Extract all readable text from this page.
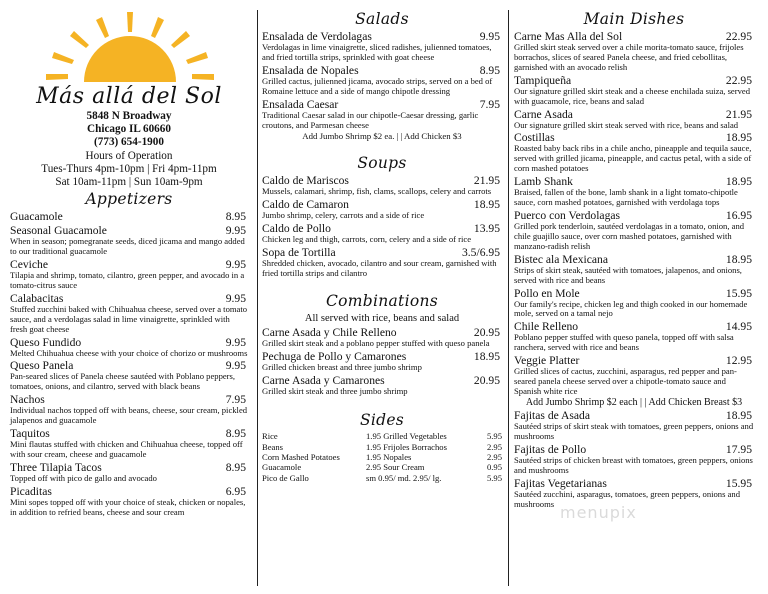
Más allá del Sol
5848 N Broadway
Chicago IL 60660
(773) 654-1900
Hours of Operation
Tues-Thurs 4pm-10pm | Fri 4pm-11pm
Sat 10am-11pm | Sun 10am-9pm
Appetizers
Guacamole	8.95
Seasonal Guacamole	9.95
When in season; pomegranate seeds, diced jicama and mango added to our traditional guacamole
Ceviche	9.95
Tilapia and shrimp, tomato, cilantro, green pepper, and avocado in a tomato-citrus sauce
Calabacitas	9.95
Stuffed zucchini baked with Chihuahua cheese, served over a tomato sauce, and a verdolagas salad in lime vinaigrette, sprinkled with fresh goat cheese
Queso Fundido	9.95
Melted Chihuahua cheese with your choice of chorizo or mushrooms
Queso Panela	9.95
Pan-seared slices of Panela cheese sautéed with Poblano peppers, tomatoes, onions, and cilantro, served with black beans
Nachos	7.95
Individual nachos topped off with beans, cheese, sour cream, pickled jalapenos and guacamole
Taquitos	8.95
Mini flautas stuffed with chicken and Chihuahua cheese, topped off with sour cream, cheese and guacamole
Three Tilapia Tacos	8.95
Topped off with pico de gallo and avocado
Picaditas	6.95
Mini sopes topped off with your choice of steak, chicken or nopales, in addition to refried beans, cheese and sour cream
Salads
Ensalada de Verdolagas	9.95
Verdolagas in lime vinaigrette, sliced radishes, julienned tomatoes, and fried tortilla strips, sprinkled with goat cheese
Ensalada de Nopales	8.95
Grilled cactus, julienned jicama, avocado strips, served on a bed of Romaine lettuce and a side of mango chipotle dressing
Ensalada Caesar	7.95
Traditional Caesar salad in our chipotle-Caesar dressing, garlic croutons, and Parmesan cheese
Add Jumbo Shrimp $2 ea. | | Add Chicken $3
Soups
Caldo de Mariscos	21.95
Mussels, calamari, shrimp, fish, clams, scallops, celery and carrots
Caldo de Camaron	18.95
Jumbo shrimp, celery, carrots and a side of rice
Caldo de Pollo	13.95
Chicken leg and thigh, carrots, corn, celery and a side of rice
Sopa de Tortilla	3.5/6.95
Shredded chicken, avocado, cilantro and sour cream, garnished with fried tortilla strips and cilantro
Combinations
All served with rice, beans and salad
Carne Asada y Chile Relleno	20.95
Grilled skirt steak and a poblano pepper stuffed with queso panela
Pechuga de Pollo y Camarones	18.95
Grilled chicken breast and three jumbo shrimp
Carne Asada y Camarones	20.95
Grilled skirt steak and three jumbo shrimp
Sides
Rice	1.95 Grilled Vegetables	5.95
Beans	1.95 Frijoles Borrachos	2.95
Corn Mashed Potatoes	1.95 Nopales	2.95
Guacamole	2.95 Sour Cream	0.95
Pico de Gallo	sm 0.95/ md. 2.95/ lg.	5.95
Main Dishes
Carne Mas Alla del Sol	22.95
Grilled skirt steak served over a chile morita-tomato sauce, frijoles borrachos, slices of seared Panela cheese, and fried cebollitas, garnished with an avocado relish
Tampiqueña	22.95
Our signature grilled skirt steak and a cheese enchilada suiza, served with guacamole, rice, beans and salad
Carne Asada	21.95
Our signature grilled skirt steak served with rice, beans and salad
Costillas	18.95
Roasted baby back ribs in a chile ancho, pineapple and tequila sauce, served with grilled jicama, pineapple, and cactus petal, with a side of corn mashed potatoes
Lamb Shank	18.95
Braised, fallen of the bone, lamb shank in a light tomato-chipotle sauce, corn mashed potatoes, garnished with verdolaga tops
Puerco con Verdolagas	16.95
Grilled pork tenderloin, sautéed verdolagas in a tomato, onion, and chile guajillo sauce, over corn mashed potatoes, garnished with manzano-radish relish
Bistec ala Mexicana	18.95
Strips of skirt steak, sautéed with tomatoes, jalapenos, and onions, served with rice and beans
Pollo en Mole	15.95
Our family's recipe, chicken leg and thigh cooked in our homemade mole, served on a tamal nejo
Chile Relleno	14.95
Poblano pepper stuffed with queso panela, topped off with salsa ranchera, served with rice and beans
Veggie Platter	12.95
Grilled slices of cactus, zucchini, asparagus, red pepper and pan-seared panela cheese served over a chipotle-tomato sauce and Spanish white rice
Add Jumbo Shrimp $2 each | | Add Chicken Breast $3
Fajitas de Asada	18.95
Sautéed strips of skirt steak with tomatoes, green peppers, onions and mushrooms
Fajitas de Pollo	17.95
Sautéed strips of chicken breast with tomatoes, green peppers, onions and mushrooms
Fajitas Vegetarianas	15.95
Sautéed zucchini, asparagus, tomatoes, green peppers, onions and mushrooms menupix
